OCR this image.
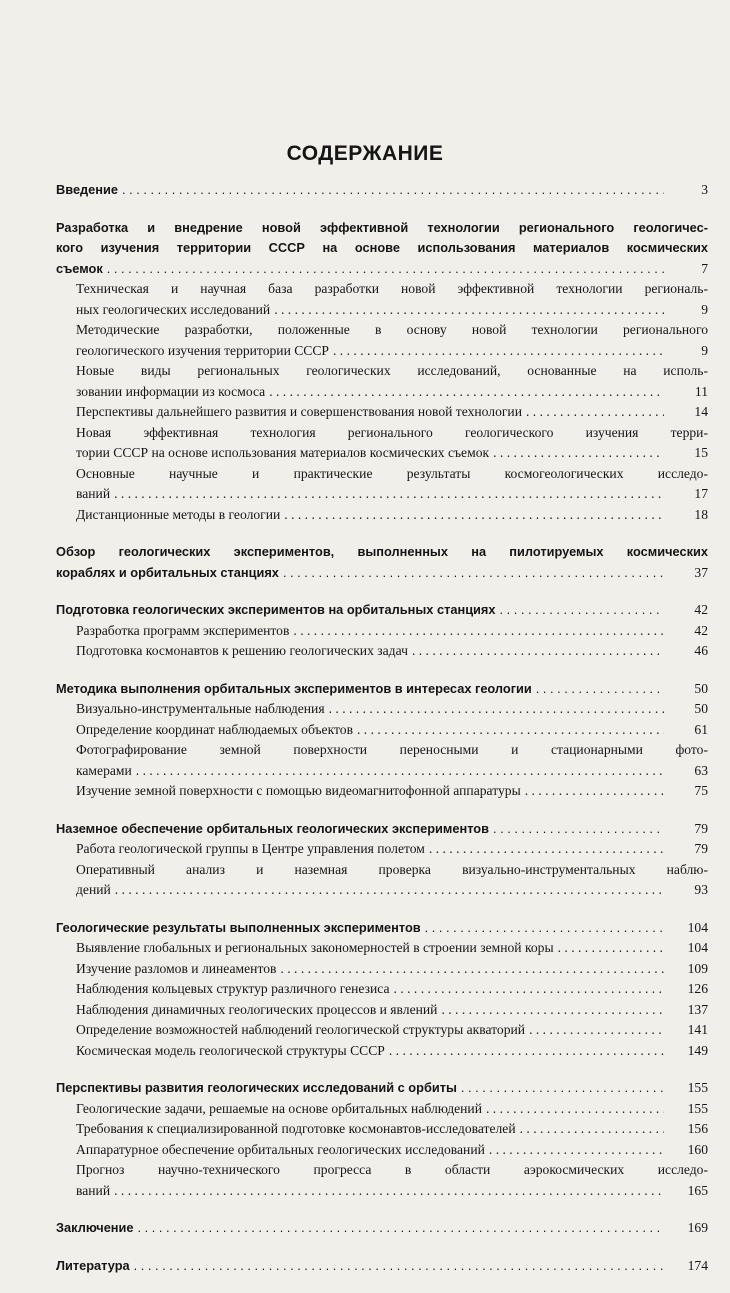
СОДЕРЖАНИЕ
Введение . . .	3
Разработка и внедрение новой эффективной технологии регионального геологичес-
кого изучения территории СССР на основе использования материалов космических
съемок . . .	7
Техническая и научная база разработки новой эффективной технологии региональ-
ных геологических исследований . . .	9
Методические разработки, положенные в основу новой технологии регионального
геологического изучения территории СССР . . .	9
Новые виды региональных геологических исследований, основанные на исполь-
зовании информации из космоса . . .	11
Перспективы дальнейшего развития и совершенствования новой технологии . . .	14
Новая эффективная технология регионального геологического изучения терри-
тории СССР на основе использования материалов космических съемок . . .	15
Основные научные и практические результаты космогеологических исследо-
ваний . . .	17
Дистанционные методы в геологии . . .	18
Обзор геологических экспериментов, выполненных на пилотируемых космических
кораблях и орбитальных станциях . . .	37
Подготовка геологических экспериментов на орбитальных станциях . . .	42
Разработка программ экспериментов . . .	42
Подготовка космонавтов к решению геологических задач . . .	46
Методика выполнения орбитальных экспериментов в интересах геологии . . .	50
Визуально-инструментальные наблюдения . . .	50
Определение координат наблюдаемых объектов . . .	61
Фотографирование земной поверхности переносными и стационарными фото-
камерами . . .	63
Изучение земной поверхности с помощью видеомагнитофонной аппаратуры . . .	75
Наземное обеспечение орбитальных геологических экспериментов . . .	79
Работа геологической группы в Центре управления полетом . . .	79
Оперативный анализ и наземная проверка визуально-инструментальных наблю-
дений . . .	93
Геологические результаты выполненных экспериментов . . .	104
Выявление глобальных и региональных закономерностей в строении земной коры . . .	104
Изучение разломов и линеаментов . . .	109
Наблюдения кольцевых структур различного генезиса . . .	126
Наблюдения динамичных геологических процессов и явлений . . .	137
Определение возможностей наблюдений геологической структуры акваторий . . .	141
Космическая модель геологической структуры СССР . . .	149
Перспективы развития геологических исследований с орбиты . . .	155
Геологические задачи, решаемые на основе орбитальных наблюдений . . .	155
Требования к специализированной подготовке космонавтов-исследователей . . .	156
Аппаратурное обеспечение орбитальных геологических исследований . . .	160
Прогноз научно-технического прогресса в области аэрокосмических исследо-
ваний . . .	165
Заключение . . .	169
Литература . . .	174
